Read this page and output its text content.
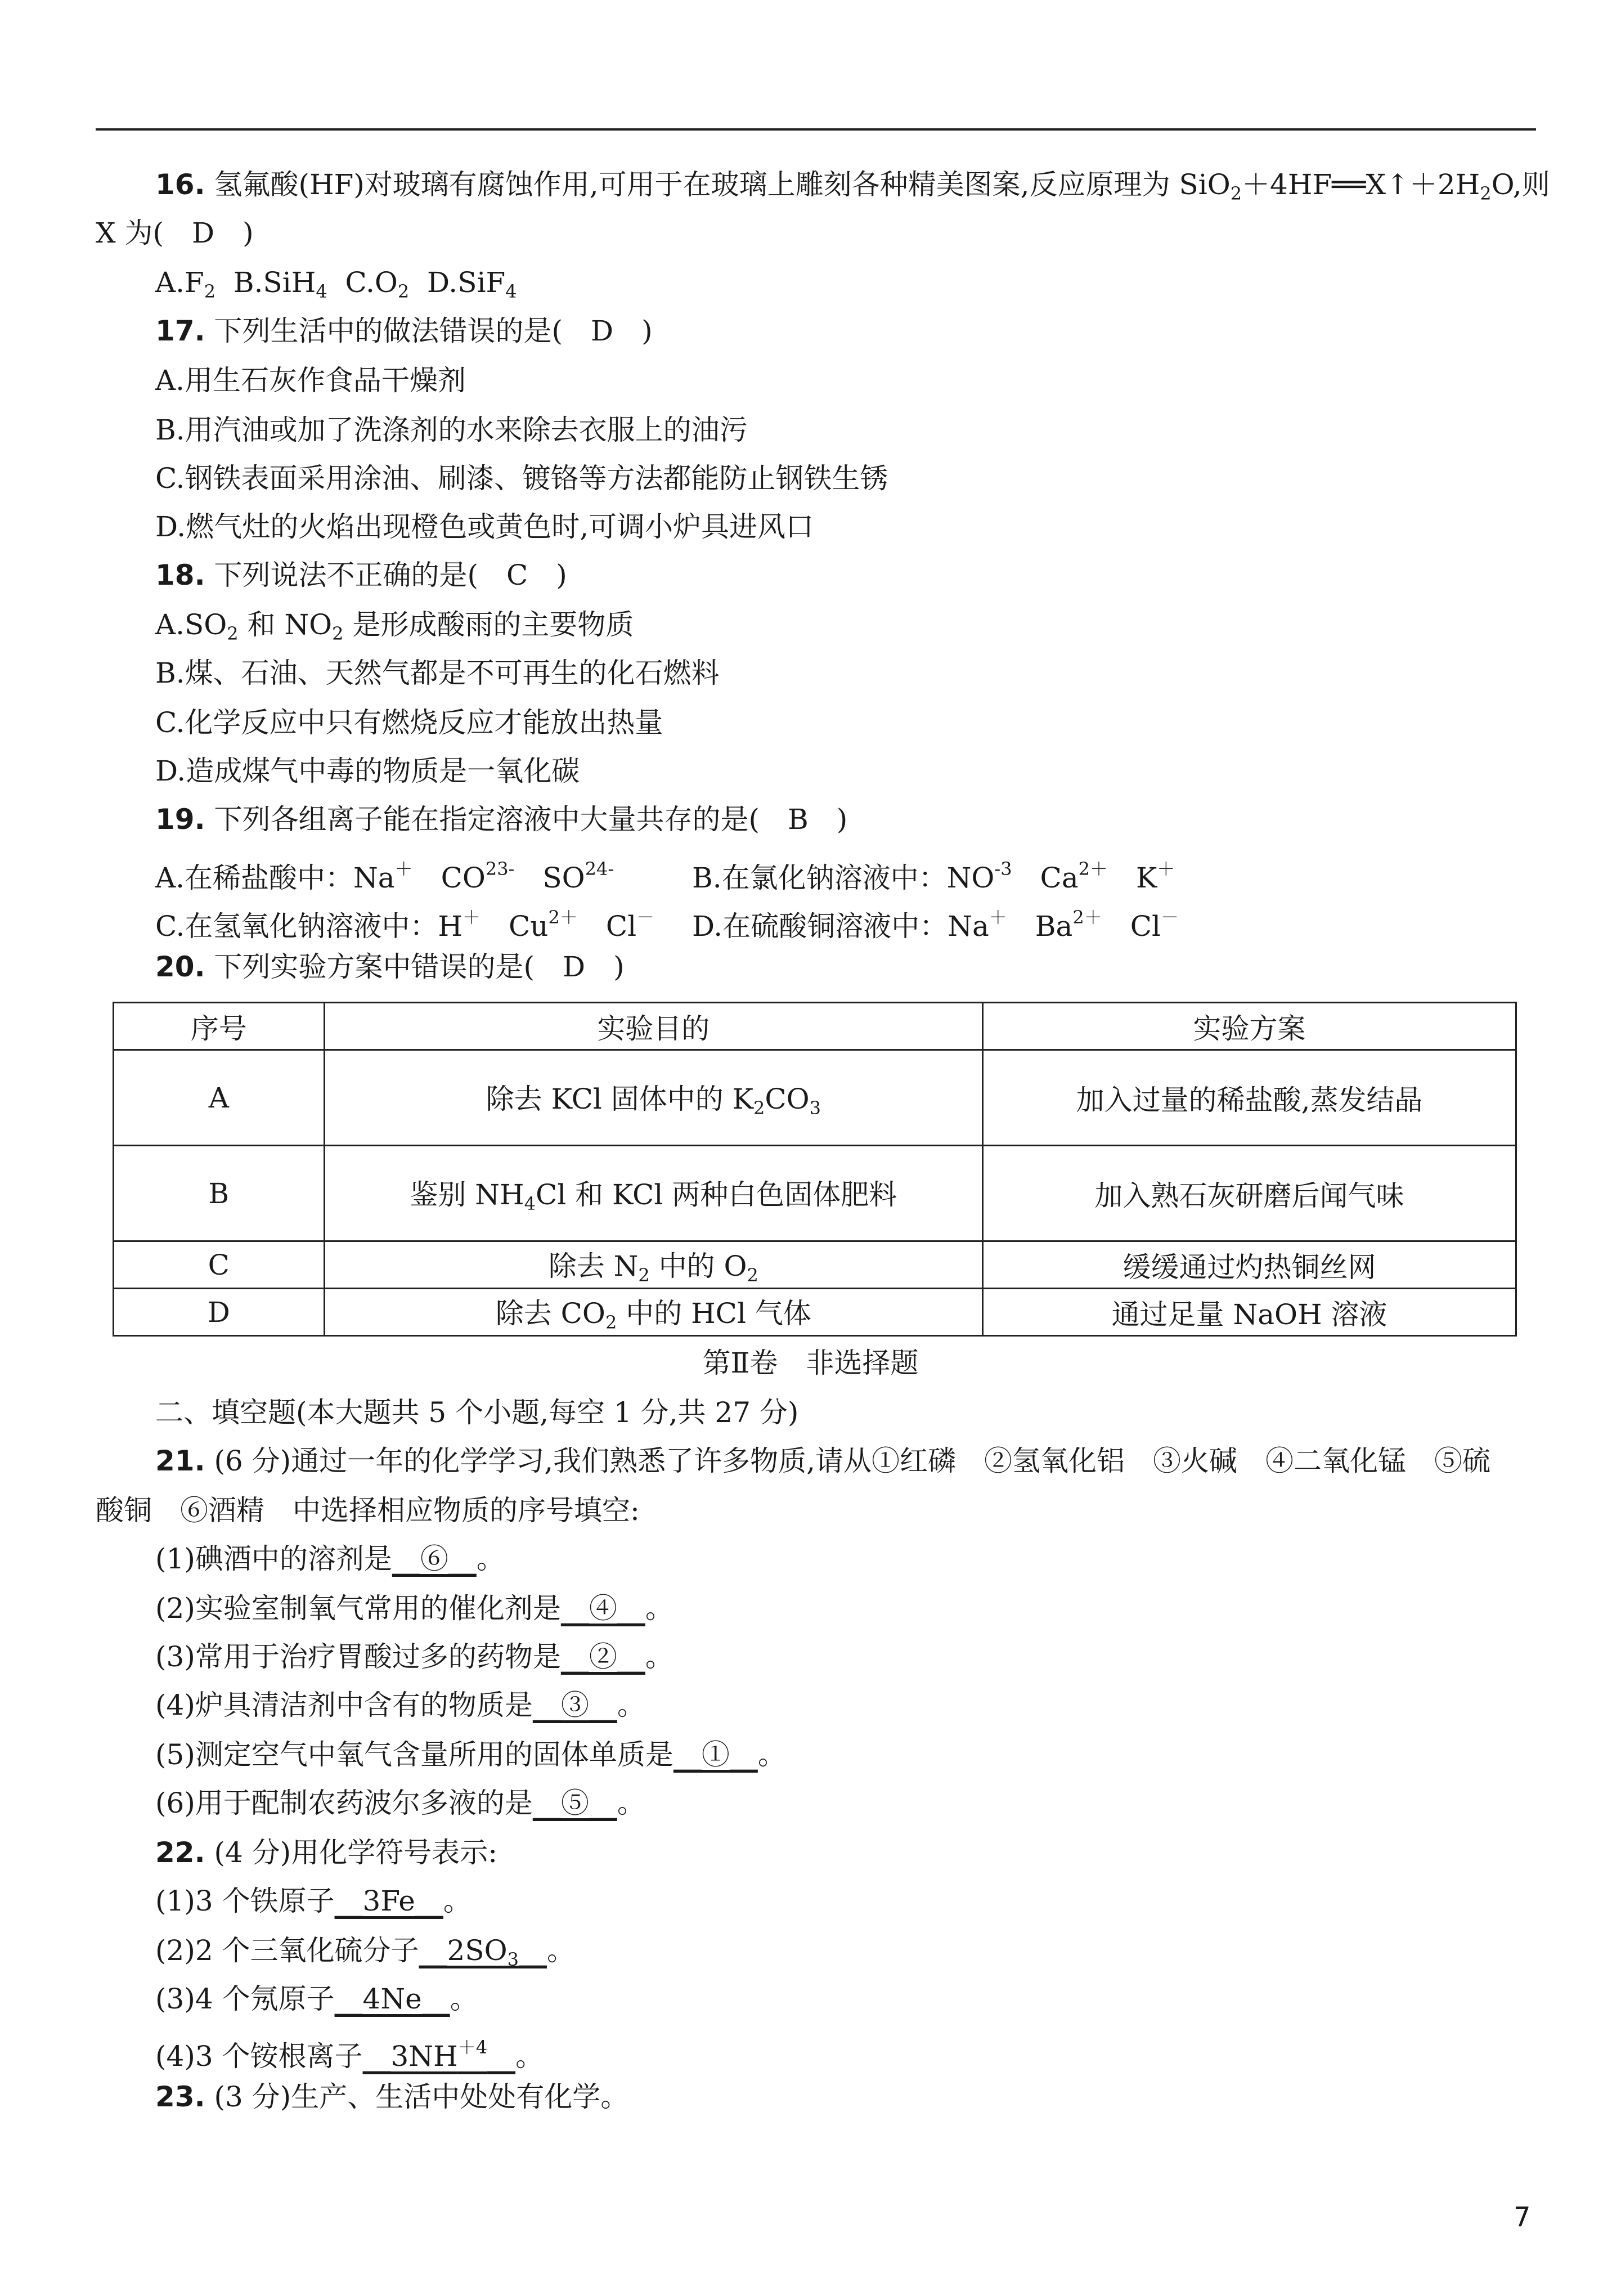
16. 氢氟酸(HF)对玻璃有腐蚀作用,可用于在玻璃上雕刻各种精美图案,反应原理为 $SiO_2+4HF══X↑+2H_2O$,则
X 为(　D　)
$A.F_2$  B.SiH$_4$  $C.O_2$  D.SiF$_4$
17. 下列生活中的做法错误的是(　D　)
A.用生石灰作食品干燥剂
B.用汽油或加了洗涤剂的水来除去衣服上的油污
C.钢铁表面采用涂油、刷漆、镀铬等方法都能防止钢铁生锈
D.燃气灶的火焰出现橙色或黄色时,可调小炉具进风口
18. 下列说法不正确的是(　C　)
$A.SO_2$ 和 $NO_2$ 是形成酸雨的主要物质
B.煤、石油、天然气都是不可再生的化石燃料
C.化学反应中只有燃烧反应才能放出热量
D.造成煤气中毒的物质是一氧化碳
19. 下列各组离子能在指定溶液中大量共存的是(　B　)
A.在稀盐酸中：Na＋　$CO^{23-}$　$SO^{24-}$	B.在氯化钠溶液中：$NO^{-3}$　$Ca^{2+}$　K＋
C.在氢氧化钠溶液中：H＋　$Cu^{2+}$　Cl－ D.在硫酸铜溶液中：Na＋　$Ba^{2+}$　Cl－
20. 下列实验方案中错误的是(　D　)
序号	实验目的	实验方案
A	除去 KCl 固体中的 $K_2CO_3$	加入过量的稀盐酸,蒸发结晶
B	鉴别 $NH_4Cl$ 和 KCl 两种白色固体肥料	加入熟石灰研磨后闻气味
C	除去 $N_2$ 中的 $O_2$	缓缓通过灼热铜丝网
D	除去 $CO_2$ 中的 HCl 气体	通过足量 NaOH 溶液
第Ⅱ卷　非选择题
二、填空题(本大题共 5 个小题,每空 1 分,共 27 分)
21. (6 分)通过一年的化学学习,我们熟悉了许多物质,请从①红磷　②氢氧化铝　③火碱　④二氧化锰　⑤硫
酸铜　⑥酒精　中选择相应物质的序号填空:
(1)碘酒中的溶剂是__⑥__。
(2)实验室制氧气常用的催化剂是__④__。
(3)常用于治疗胃酸过多的药物是__②__。
(4)炉具清洁剂中含有的物质是__③__。
(5)测定空气中氧气含量所用的固体单质是__①__。
(6)用于配制农药波尔多液的是__⑤__。
22. (4 分)用化学符号表示:
(1)3 个铁原子__3Fe__。
(2)2 个三氧化硫分子$\_\_2SO_3\_\_$。
(3)4 个氖原子__4Ne__。
(4)3 个铵根离子$\_\_3NH^{+4}\_\_$。
23. (3 分)生产、生活中处处有化学。
7
